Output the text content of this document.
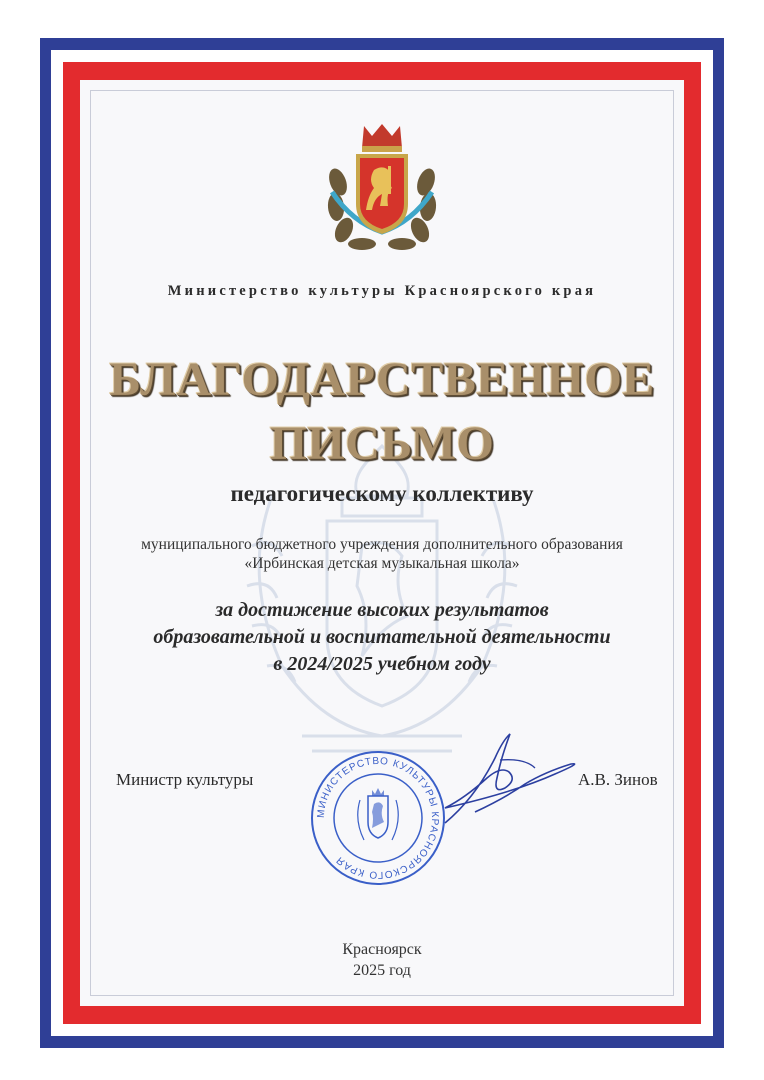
Министерство культуры Красноярского края
БЛАГОДАРСТВЕННОЕ
ПИСЬМО
педагогическому коллективу
муниципального бюджетного учреждения дополнительного образования
«Ирбинская детская музыкальная школа»
за достижение высоких результатов
образовательной и воспитательной деятельности
в 2024/2025 учебном году
Министр культуры	А.В. Зинов
МИНИСТЕРСТВО КУЛЬТУРЫ КРАСНОЯРСКОГО КРАЯ
Красноярск
2025 год
